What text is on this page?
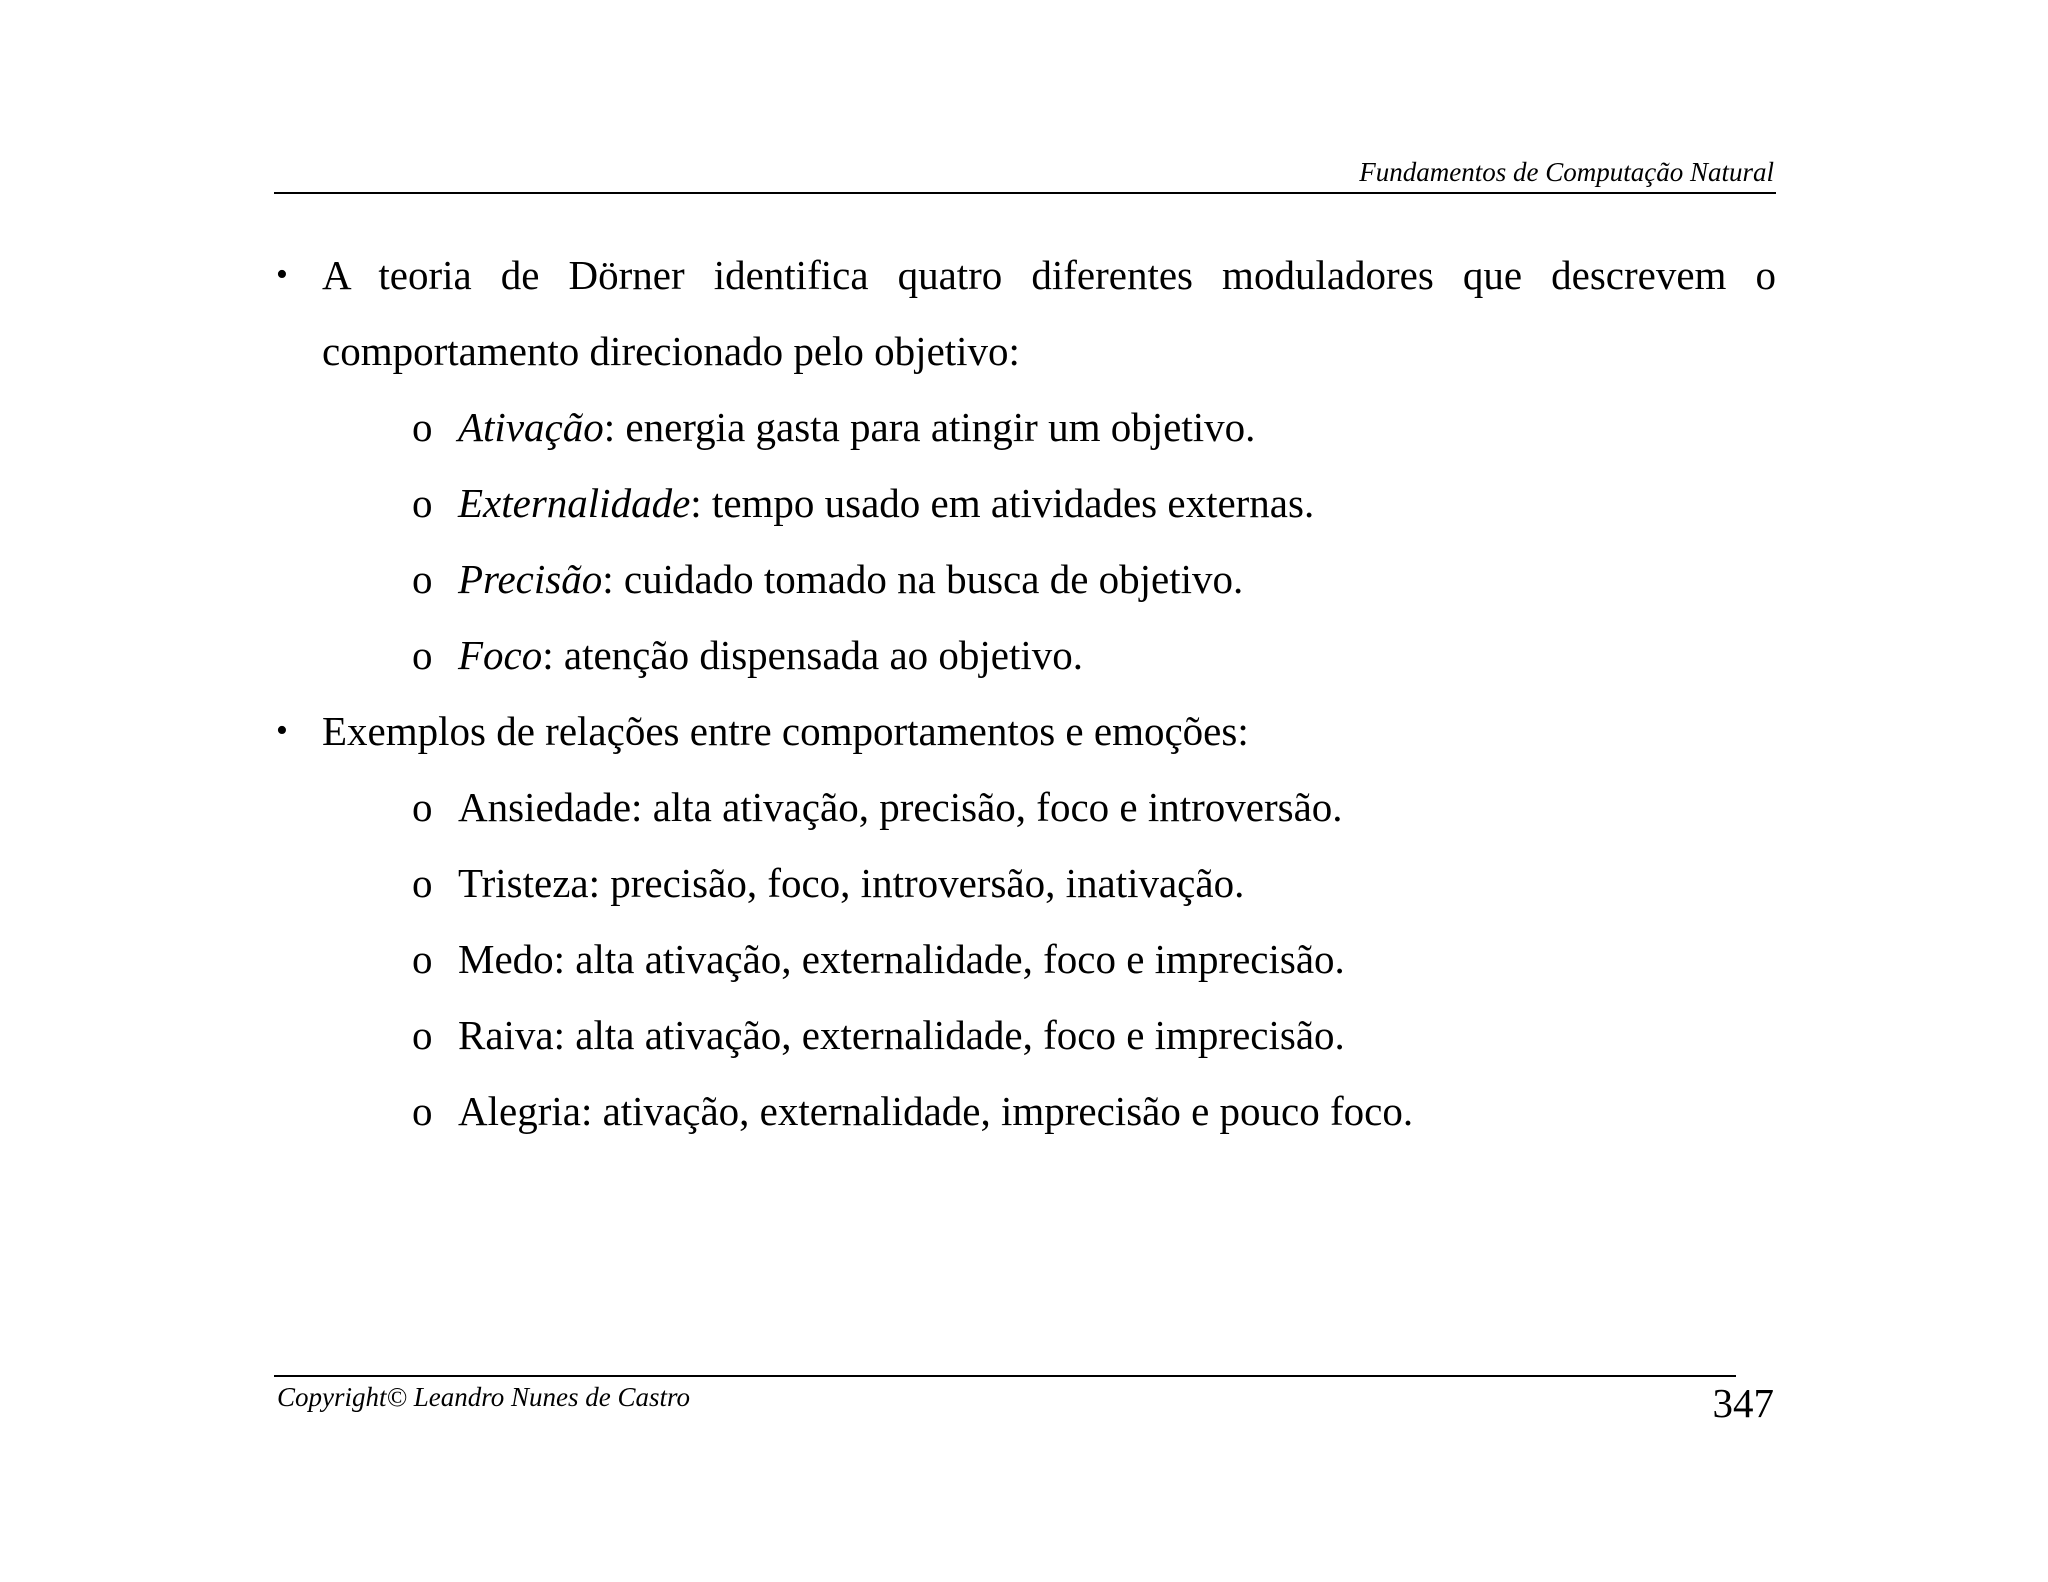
Fundamentos de Computação Natural
• A teoria de Dörner identifica quatro diferentes moduladores que descrevem o comportamento direcionado pelo objetivo:
o Ativação: energia gasta para atingir um objetivo.
o Externalidade: tempo usado em atividades externas.
o Precisão: cuidado tomado na busca de objetivo.
o Foco: atenção dispensada ao objetivo.
• Exemplos de relações entre comportamentos e emoções:
o Ansiedade: alta ativação, precisão, foco e introversão.
o Tristeza: precisão, foco, introversão, inativação.
o Medo: alta ativação, externalidade, foco e imprecisão.
o Raiva: alta ativação, externalidade, foco e imprecisão.
o Alegria: ativação, externalidade, imprecisão e pouco foco.
Copyright© Leandro Nunes de Castro	347
